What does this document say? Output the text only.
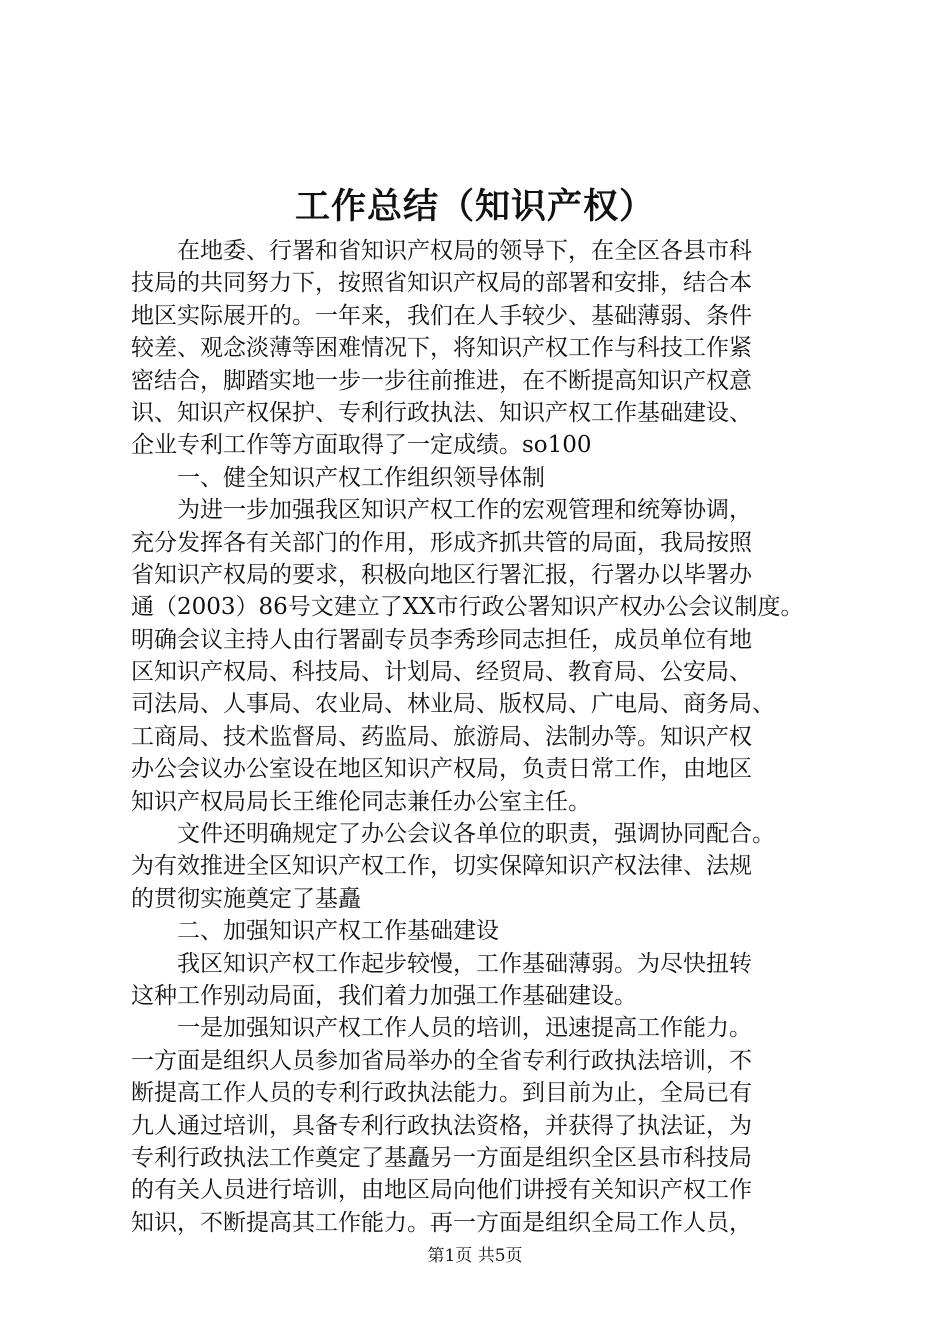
工作总结（知识产权）
　　在地委、行署和省知识产权局的领导下，在全区各县市科
技局的共同努力下，按照省知识产权局的部署和安排，结合本
地区实际展开的。一年来，我们在人手较少、基础薄弱、条件
较差、观念淡薄等困难情况下，将知识产权工作与科技工作紧
密结合，脚踏实地一步一步往前推进，在不断提高知识产权意
识、知识产权保护、专利行政执法、知识产权工作基础建设、
企业专利工作等方面取得了一定成绩。so100
　　一、健全知识产权工作组织领导体制
　　为进一步加强我区知识产权工作的宏观管理和统筹协调，
充分发挥各有关部门的作用，形成齐抓共管的局面，我局按照
省知识产权局的要求，积极向地区行署汇报，行署办以毕署办
通（2003）86号文建立了XX市行政公署知识产权办公会议制度。
明确会议主持人由行署副专员李秀珍同志担任，成员单位有地
区知识产权局、科技局、计划局、经贸局、教育局、公安局、
司法局、人事局、农业局、林业局、版权局、广电局、商务局、
工商局、技术监督局、药监局、旅游局、法制办等。知识产权
办公会议办公室设在地区知识产权局，负责日常工作，由地区
知识产权局局长王维伦同志兼任办公室主任。
　　文件还明确规定了办公会议各单位的职责，强调协同配合。
为有效推进全区知识产权工作，切实保障知识产权法律、法规
的贯彻实施奠定了基矗
　　二、加强知识产权工作基础建设
　　我区知识产权工作起步较慢，工作基础薄弱。为尽快扭转
这种工作别动局面，我们着力加强工作基础建设。
　　一是加强知识产权工作人员的培训，迅速提高工作能力。
一方面是组织人员参加省局举办的全省专利行政执法培训，不
断提高工作人员的专利行政执法能力。到目前为止，全局已有
九人通过培训，具备专利行政执法资格，并获得了执法证，为
专利行政执法工作奠定了基矗另一方面是组织全区县市科技局
的有关人员进行培训，由地区局向他们讲授有关知识产权工作
知识，不断提高其工作能力。再一方面是组织全局工作人员，
第1页 共5页
